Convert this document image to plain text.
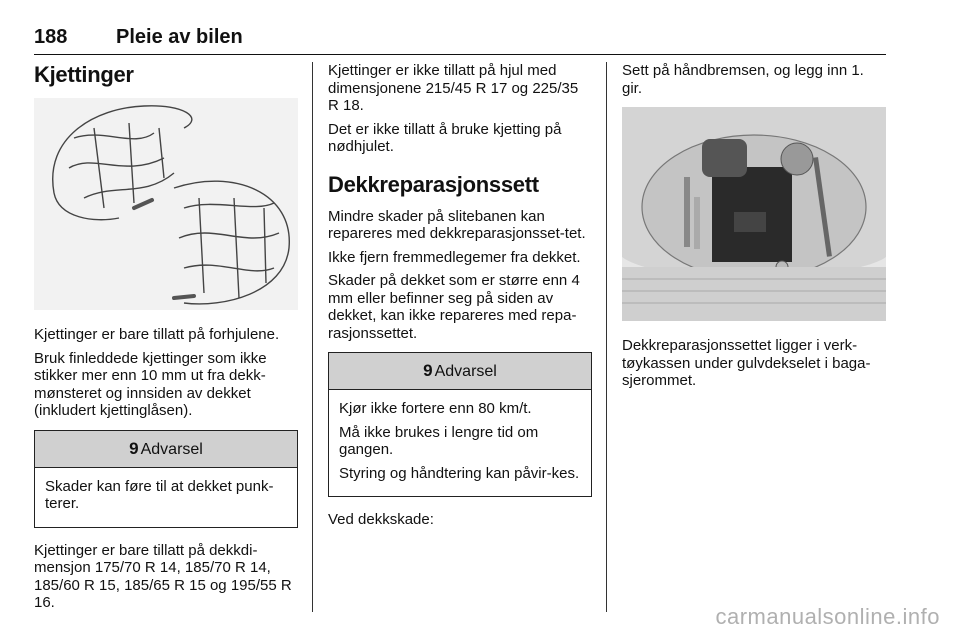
188 Pleie av bilen
Kjettinger

Kjettinger er bare tillatt på forhjulene.

Bruk finleddede kjettinger som ikke stikker mer enn 10 mm ut fra dekk-mønsteret og innsiden av dekket (inkludert kjettinglåsen).

9 Advarsel

Skader kan føre til at dekket punk-terer.

Kjettinger er bare tillatt på dekkdi-mensjon 175/70 R 14, 185/70 R 14, 185/60 R 15, 185/65 R 15 og 195/55 R 16.

Kjettinger er ikke tillatt på hjul med dimensjonene 215/45 R 17 og 225/35 R 18.

Det er ikke tillatt å bruke kjetting på nødhjulet.

Dekkreparasjonssett

Mindre skader på slitebanen kan repareres med dekkreparasjonsset-tet.

Ikke fjern fremmedlegemer fra dekket.

Skader på dekket som er større enn 4 mm eller befinner seg på siden av dekket, kan ikke repareres med repa-rasjonssettet.

9 Advarsel

Kjør ikke fortere enn 80 km/t.

Må ikke brukes i lengre tid om gangen.

Styring og håndtering kan påvir-kes.

Ved dekkskade:

Sett på håndbremsen, og legg inn 1. gir.

Dekkreparasjonssettet ligger i verk-tøykassen under gulvdekselet i baga-sjerommet.

carmanualsonline.info
